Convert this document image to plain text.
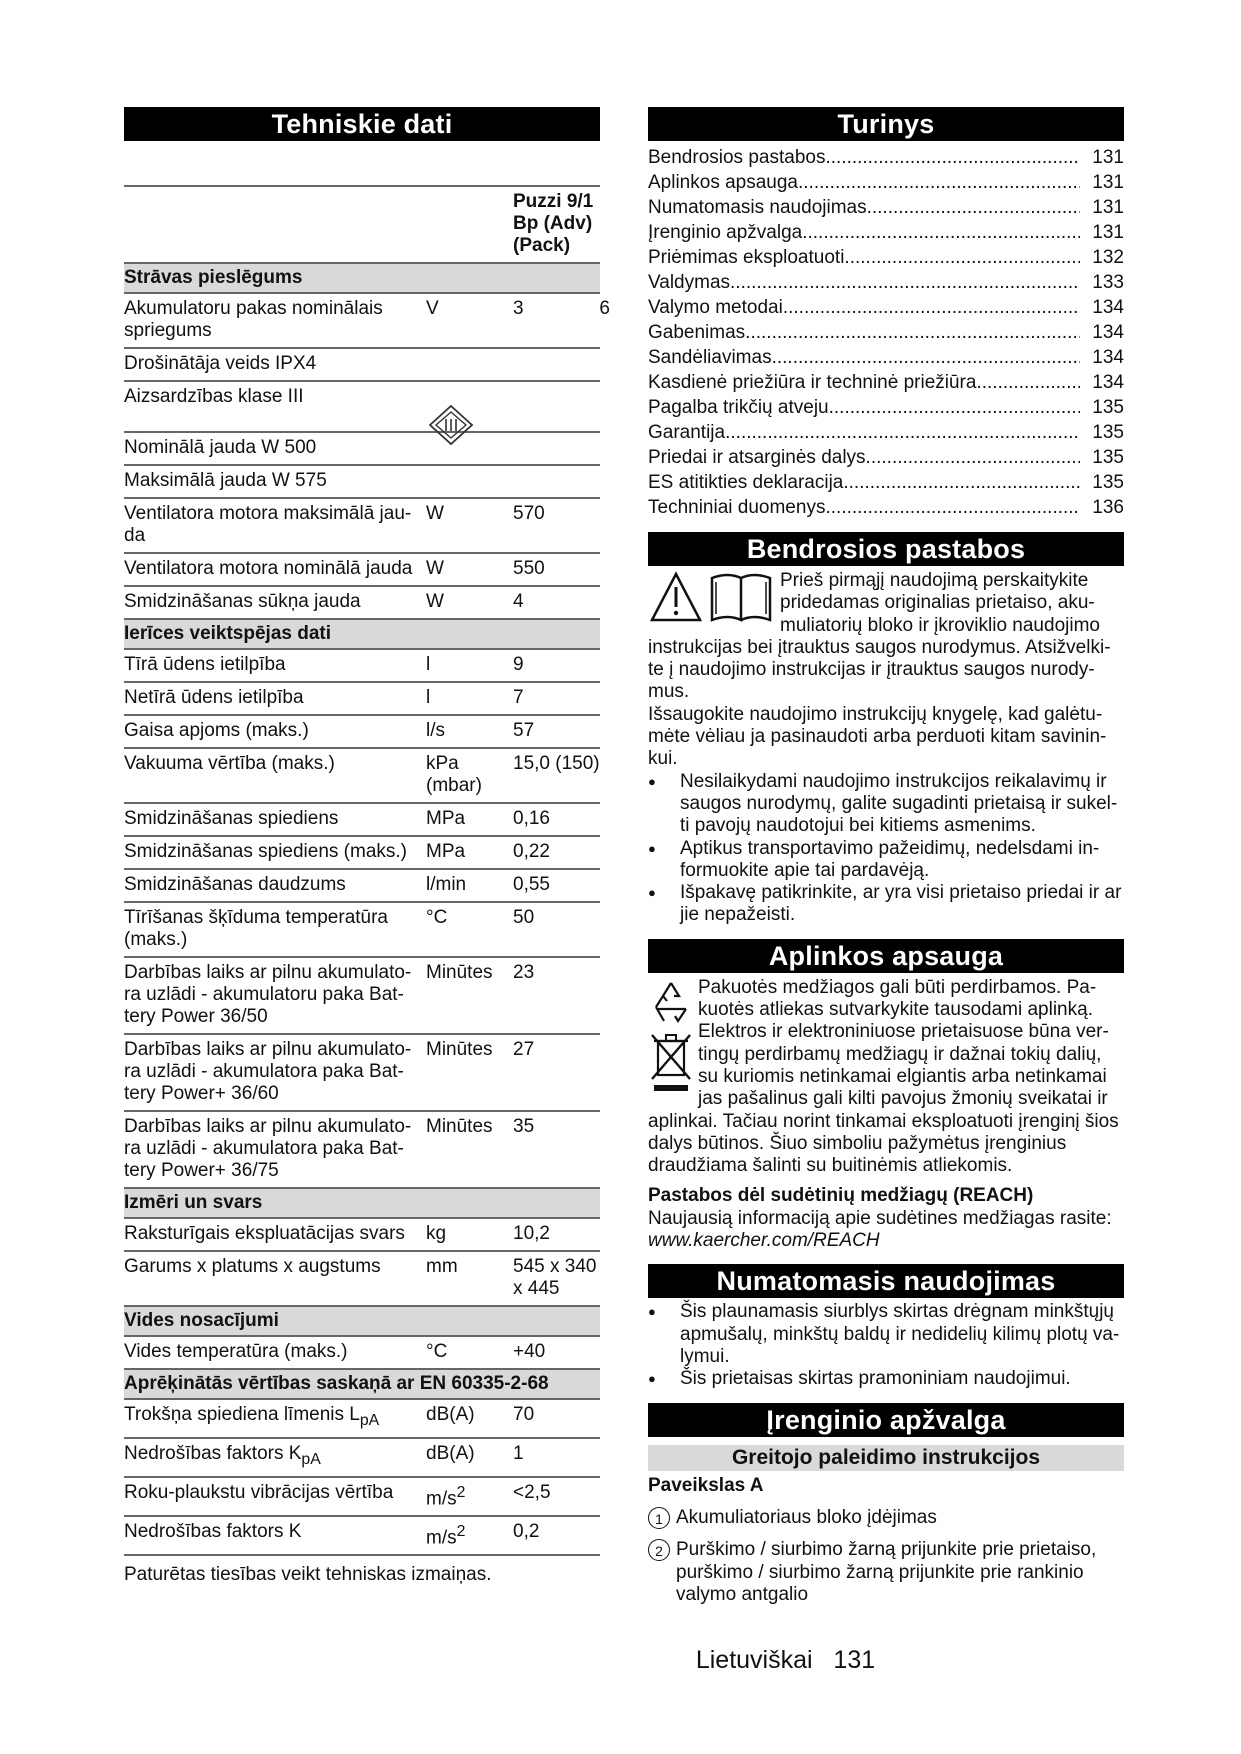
Tehniskie dati
		Puzzi 9/1 Bp (Adv) (Pack)
Strāvas pieslēgums		
Akumulatoru pakas nominālais spriegums	V	3 6

Drošinātāja veids IPX4		
Aizsardzības klase III

Nominālā jauda W 500		
Maksimālā jauda W 575		
Ventilatora motora maksimālā jau-da	W	570
Ventilatora motora nominālā jauda	W	550
Smidzināšanas sūkņa jauda	W	4
Ierīces veiktspējas dati		
Tīrā ūdens ietilpība	l	9
Netīrā ūdens ietilpība	l	7
Gaisa apjoms (maks.)	l/s	57
Vakuuma vērtība (maks.)	kPa (mbar)	15,0 (150)
Smidzināšanas spiediens	MPa	0,16
Smidzināšanas spiediens (maks.)	MPa	0,22
Smidzināšanas daudzums	l/min	0,55
Tīrīšanas šķīduma temperatūra (maks.)	°C	50
Darbības laiks ar pilnu akumulato-ra uzlādi - akumulatoru paka Bat-tery Power 36/50	Minūtes	23
Darbības laiks ar pilnu akumulato-ra uzlādi - akumulatora paka Bat-tery Power+ 36/60	Minūtes	27
Darbības laiks ar pilnu akumulato-ra uzlādi - akumulatora paka Bat-tery Power+ 36/75	Minūtes	35
Izmēri un svars		
Raksturīgais ekspluatācijas svars	kg	10,2
Garums x platums x augstums	mm	545 x 340 x 445
Vides nosacījumi		
Vides temperatūra (maks.)	°C	+40
Aprēķinātās vērtības saskaņā ar EN 60335-2-68		
Trokšņa spiediena līmenis $L_{pA}$	dB(A)	70
Nedrošības faktors $K_{pA}$	dB(A)	1
Roku-plaukstu vibrācijas vērtība	$m/s^2$	<2,5
Nedrošības faktors K	$m/s^2$	0,2
Paturētas tiesības veikt tehniskas izmaiņas.
Turinys
Bendrosios pastabos .....	131
Aplinkos apsauga .....	131
Numatomasis naudojimas .....	131
Įrenginio apžvalga .....	131
Priėmimas eksploatuoti .....	132
Valdymas .....	133
Valymo metodai .....	134
Gabenimas .....	134
Sandėliavimas .....	134
Kasdienė priežiūra ir techninė priežiūra .....	134
Pagalba trikčių atveju .....	135
Garantija .....	135
Priedai ir atsarginės dalys .....	135
ES atitikties deklaracija .....	135
Techniniai duomenys .....	136
Bendrosios pastabos

Prieš pirmąjį naudojimą perskaitykite pridedamas originalias prietaiso, aku-muliatorių bloko ir įkroviklio naudojimo instrukcijas bei įtrauktus saugos nurodymus. Atsižvelki-te į naudojimo instrukcijas ir įtrauktus saugos nurody-mus.

Išsaugokite naudojimo instrukcijų knygelę, kad galėtu-mėte vėliau ja pasinaudoti arba perduoti kitam savinin-kui.

● Nesilaikydami naudojimo instrukcijos reikalavimų ir saugos nurodymų, galite sugadinti prietaisą ir sukel-ti pavojų naudotojui bei kitiems asmenims.
● Aptikus transportavimo pažeidimų, nedelsdami in-formuokite apie tai pardavėją.
● Išpakavę patikrinkite, ar yra visi prietaiso priedai ir ar jie nepažeisti.
Aplinkos apsauga

Pakuotės medžiagos gali būti perdirbamos. Pa-kuotės atliekas sutvarkykite tausodami aplinką.

Elektros ir elektroniniuose prietaisuose būna ver-tingų perdirbamų medžiagų ir dažnai tokių dalių, su kuriomis netinkamai elgiantis arba netinkamai jas pašalinus gali kilti pavojus žmonių sveikatai ir aplinkai. Tačiau norint tinkamai eksploatuoti įrenginį šios dalys būtinos. Šiuo simboliu pažymėtus įrenginius draudžiama šalinti su buitinėmis atliekomis.

Pastabos dėl sudėtinių medžiagų (REACH)

Naujausią informaciją apie sudėtines medžiagas rasite:

www.kaercher.com/REACH

Numatomasis naudojimas
● Šis plaunamasis siurblys skirtas drėgnam minkštųjų apmušalų, minkštų baldų ir nedidelių kilimų plotų va-lymui.
● Šis prietaisas skirtas pramoniniam naudojimui.
Įrenginio apžvalga
Greitojo paleidimo instrukcijos

Paveikslas A

1 Akumuliatoriaus bloko įdėjimas
2 Purškimo / siurbimo žarną prijunkite prie prietaiso, purškimo / siurbimo žarną prijunkite prie rankinio valymo antgalio
Lietuviškai 131
